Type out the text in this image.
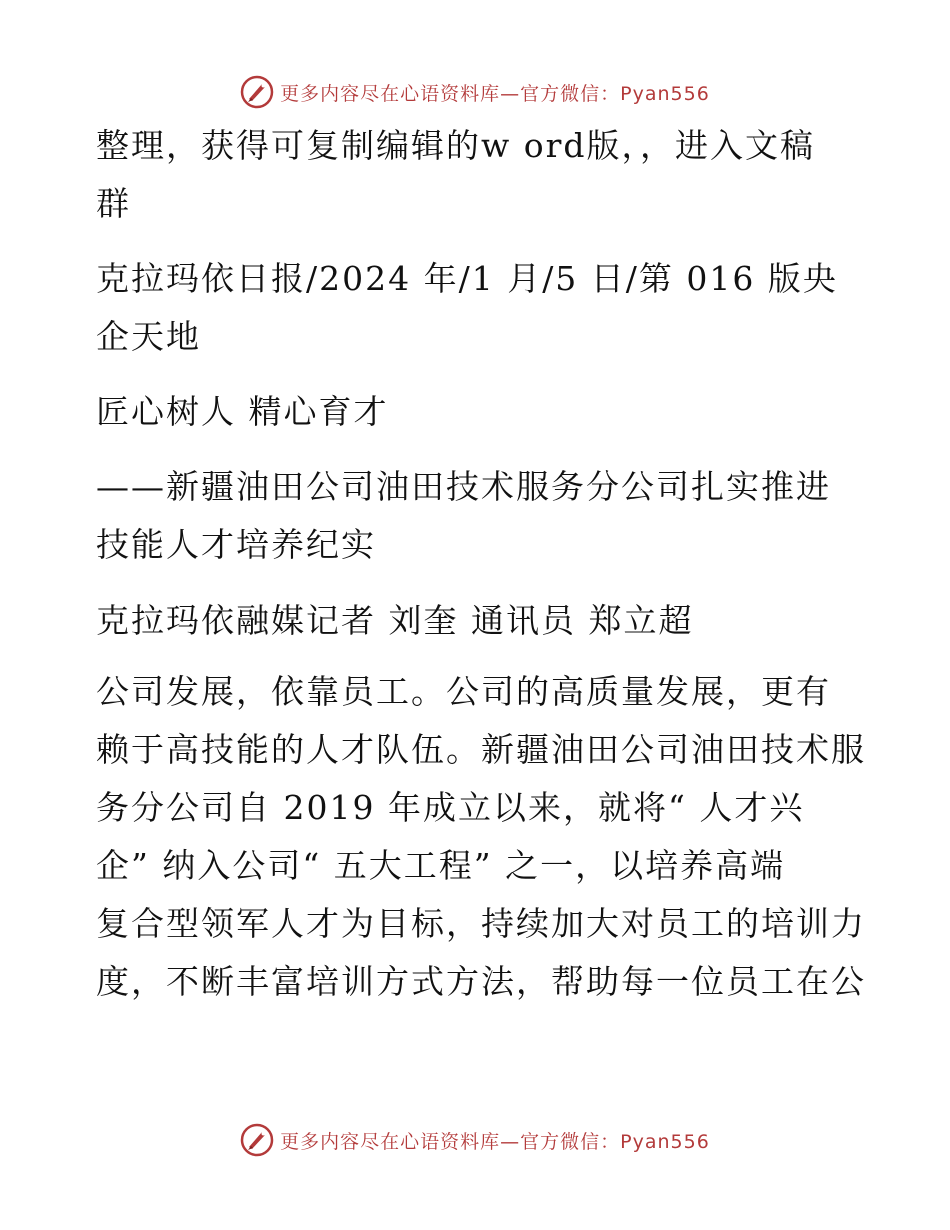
更多内容尽在心语资料库—官方微信：Pyan556
整理，获得可复制编辑的w ord版，，进入文稿
群
克拉玛依日报/2024 年/1 月/5 日/第 016 版央
企天地
匠心树人 精心育才
——新疆油田公司油田技术服务分公司扎实推进
技能人才培养纪实
克拉玛依融媒记者 刘奎 通讯员 郑立超
公司发展，依靠员工。公司的高质量发展，更有
赖于高技能的人才队伍。新疆油田公司油田技术服
务分公司自 2019 年成立以来，就将“ 人才兴
企” 纳入公司“ 五大工程” 之一，以培养高端
复合型领军人才为目标，持续加大对员工的培训力
度，不断丰富培训方式方法，帮助每一位员工在公
更多内容尽在心语资料库—官方微信：Pyan556
